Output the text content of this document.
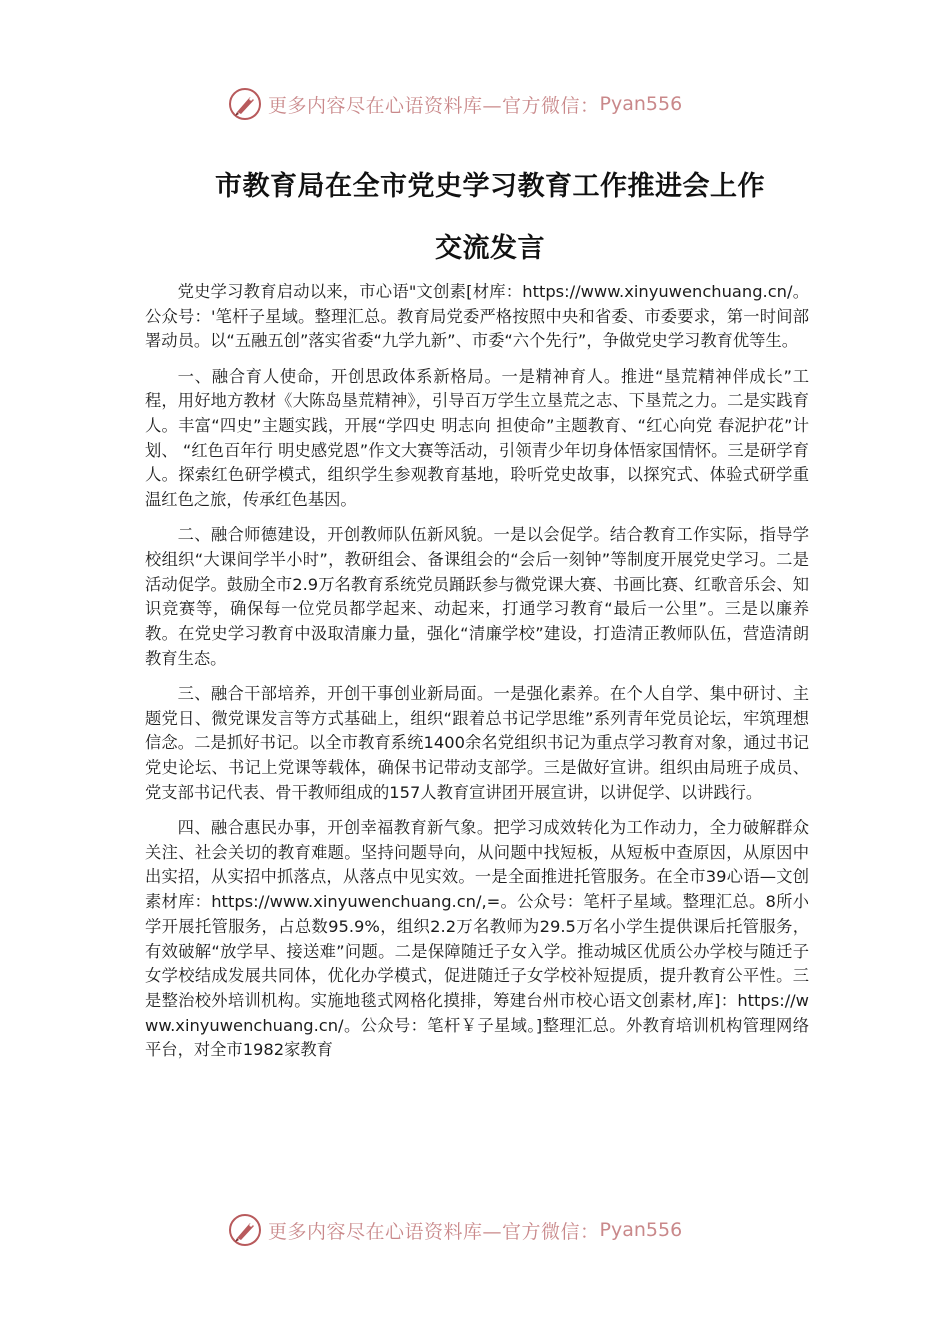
更多内容尽在心语资料库—官方微信： Pyan556
市教育局在全市党史学习教育工作推进会上作
交流发言

党史学习教育启动以来，市心语"文创素[材库：https://www.xinyuwenchuang.cn/。公众号：'笔杆子星域。整理汇总。教育局党委严格按照中央和省委、市委要求，第一时间部署动员。以“五融五创”落实省委“九学九新”、市委“六个先行”，争做党史学习教育优等生。

一、融合育人使命，开创思政体系新格局。一是精神育人。推进“垦荒精神伴成长”工程，用好地方教材《大陈岛垦荒精神》，引导百万学生立垦荒之志、下垦荒之力。二是实践育人。丰富“四史”主题实践，开展“学四史 明志向 担使命”主题教育、“红心向党 春泥护花”计划、 “红色百年行 明史感党恩”作文大赛等活动，引领青少年切身体悟家国情怀。三是研学育人。探索红色研学模式，组织学生参观教育基地，聆听党史故事，以探究式、体验式研学重温红色之旅，传承红色基因。

二、融合师德建设，开创教师队伍新风貌。一是以会促学。结合教育工作实际，指导学校组织“大课间学半小时”，教研组会、备课组会的“会后一刻钟”等制度开展党史学习。二是活动促学。鼓励全市2.9万名教育系统党员踊跃参与微党课大赛、书画比赛、红歌音乐会、知识竞赛等，确保每一位党员都学起来、动起来，打通学习教育“最后一公里”。三是以廉养教。在党史学习教育中汲取清廉力量，强化“清廉学校”建设，打造清正教师队伍，营造清朗教育生态。

三、融合干部培养，开创干事创业新局面。一是强化素养。在个人自学、集中研讨、主题党日、微党课发言等方式基础上，组织“跟着总书记学思维”系列青年党员论坛，牢筑理想信念。二是抓好书记。以全市教育系统1400余名党组织书记为重点学习教育对象，通过书记党史论坛、书记上党课等载体，确保书记带动支部学。三是做好宣讲。组织由局班子成员、党支部书记代表、骨干教师组成的157人教育宣讲团开展宣讲，以讲促学、以讲践行。

四、融合惠民办事，开创幸福教育新气象。把学习成效转化为工作动力，全力破解群众关注、社会关切的教育难题。坚持问题导向，从问题中找短板，从短板中查原因，从原因中出实招，从实招中抓落点，从落点中见实效。一是全面推进托管服务。在全市39心语—文创素材库：https://www.xinyuwenchuang.cn/,=。公众号：笔杆子星域。整理汇总。8所小学开展托管服务，占总数95.9%，组织2.2万名教师为29.5万名小学生提供课后托管服务，有效破解“放学早、接送难”问题。二是保障随迁子女入学。推动城区优质公办学校与随迁子女学校结成发展共同体，优化办学模式，促进随迁子女学校补短提质，提升教育公平性。三是整治校外培训机构。实施地毯式网格化摸排，筹建台州市校心语文创素材,库]：https://www.xinyuwenchuang.cn/。公众号：笔杆￥子星域。]整理汇总。外教育培训机构管理网络平台，对全市1982家教育

更多内容尽在心语资料库—官方微信： Pyan556
